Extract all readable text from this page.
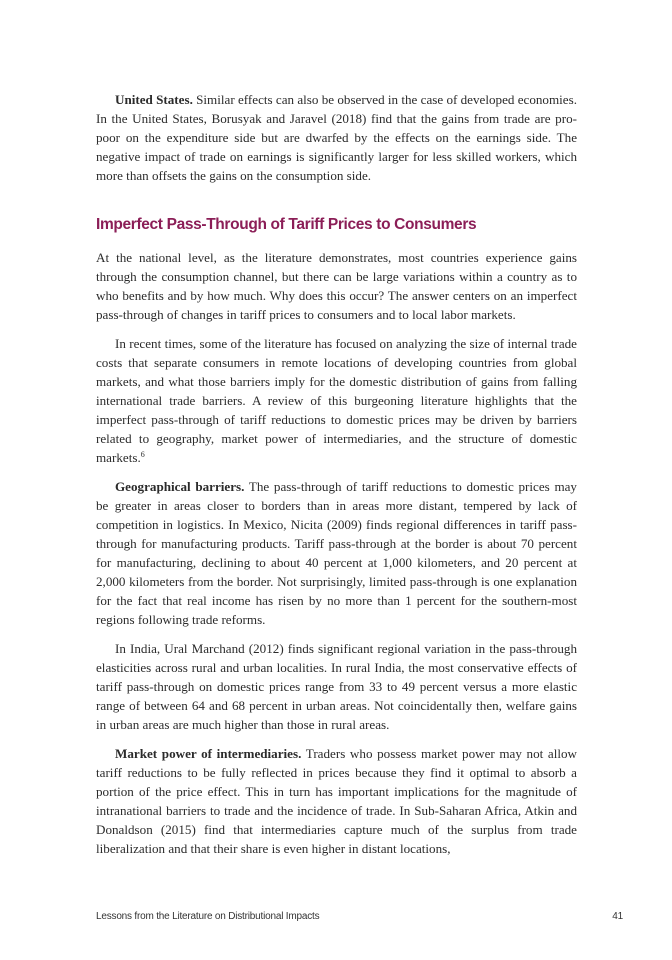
United States. Similar effects can also be observed in the case of developed economies. In the United States, Borusyak and Jaravel (2018) find that the gains from trade are pro-poor on the expenditure side but are dwarfed by the effects on the earnings side. The negative impact of trade on earnings is significantly larger for less skilled workers, which more than offsets the gains on the consumption side.

Imperfect Pass-Through of Tariff Prices to Consumers

At the national level, as the literature demonstrates, most countries experience gains through the consumption channel, but there can be large variations within a country as to who benefits and by how much. Why does this occur? The answer centers on an imperfect pass-through of changes in tariff prices to consumers and to local labor markets.

In recent times, some of the literature has focused on analyzing the size of internal trade costs that separate consumers in remote locations of developing countries from global markets, and what those barriers imply for the domestic distribution of gains from falling international trade barriers. A review of this burgeoning literature highlights that the imperfect pass-through of tariff reductions to domestic prices may be driven by barriers related to geography, market power of intermediaries, and the structure of domestic markets.$^6$

Geographical barriers. The pass-through of tariff reductions to domestic prices may be greater in areas closer to borders than in areas more distant, tempered by lack of competition in logistics. In Mexico, Nicita (2009) finds regional differences in tariff pass-through for manufacturing products. Tariff pass-through at the border is about 70 percent for manufacturing, declining to about 40 percent at 1,000 kilometers, and 20 percent at 2,000 kilometers from the border. Not surprisingly, limited pass-through is one explanation for the fact that real income has risen by no more than 1 percent for the southern-most regions following trade reforms.

In India, Ural Marchand (2012) finds significant regional variation in the pass-through elasticities across rural and urban localities. In rural India, the most conservative effects of tariff pass-through on domestic prices range from 33 to 49 percent versus a more elastic range of between 64 and 68 percent in urban areas. Not coincidentally then, welfare gains in urban areas are much higher than those in rural areas.

Market power of intermediaries. Traders who possess market power may not allow tariff reductions to be fully reflected in prices because they find it optimal to absorb a portion of the price effect. This in turn has important implications for the magnitude of intranational barriers to trade and the incidence of trade. In Sub-Saharan Africa, Atkin and Donaldson (2015) find that intermediaries capture much of the surplus from trade liberalization and that their share is even higher in distant locations,

Lessons from the Literature on Distributional Impacts	41
